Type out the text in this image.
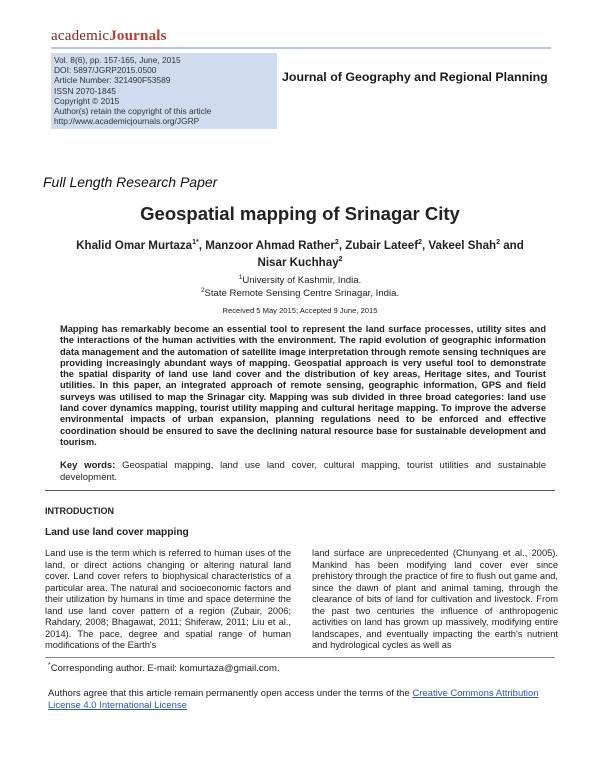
academicJournals
Vol. 8(6), pp. 157-165, June, 2015
DOI: 5897/JGRP2015.0500
Article Number: 321490F53589
ISSN 2070-1845
Copyright © 2015
Author(s) retain the copyright of this article
http://www.academicjournals.org/JGRP
Journal of Geography and Regional Planning
Full Length Research Paper
Geospatial mapping of Srinagar City
Khalid Omar Murtaza$^{1*}$, Manzoor Ahmad Rather$^2$, Zubair Lateef$^2$, Vakeel Shah$^2$ and
Nisar Kuchhay$^2$
$^1$University of Kashmir, India.
$^2$State Remote Sensing Centre Srinagar, India.
Received 5 May 2015; Accepted 9 June, 2015
Mapping has remarkably become an essential tool to represent the land surface processes, utility sites and the interactions of the human activities with the environment. The rapid evolution of geographic information data management and the automation of satellite image interpretation through remote sensing techniques are providing increasingly abundant ways of mapping. Geospatial approach is very useful tool to demonstrate the spatial disparity of land use land cover and the distribution of key areas, Heritage sites, and Tourist utilities. In this paper, an integrated approach of remote sensing, geographic information, GPS and field surveys was utilised to map the Srinagar city. Mapping was sub divided in three broad categories: land use land cover dynamics mapping, tourist utility mapping and cultural heritage mapping. To improve the adverse environmental impacts of urban expansion, planning regulations need to be enforced and effective coordination should be ensured to save the declining natural resource base for sustainable development and tourism.
Key words: Geospatial mapping, land use land cover, cultural mapping, tourist utilities and sustainable development.
INTRODUCTION
Land use land cover mapping
Land use is the term which is referred to human uses of the land, or direct actions changing or altering natural land cover. Land cover refers to biophysical characteristics of a particular area. The natural and socioeconomic factors and their utilization by humans in time and space determine the land use land cover pattern of a region (Zubair, 2006; Rahdary, 2008; Bhagawat, 2011; Shiferaw, 2011; Liu et al., 2014). The pace, degree and spatial range of human modifications of the Earth's
land surface are unprecedented (Chunyang et al., 2005). Mankind has been modifying land cover ever since prehistory through the practice of fire to flush out game and, since the dawn of plant and animal taming, through the clearance of bits of land for cultivation and livestock. From the past two centuries the influence of anthropogenic activities on land has grown up massively, modifying entire landscapes, and eventually impacting the earth's nutrient and hydrological cycles as well as
*Corresponding author. E-mail: komurtaza@gmail.com.
Authors agree that this article remain permanently open access under the terms of the Creative Commons Attribution License 4.0 International License
